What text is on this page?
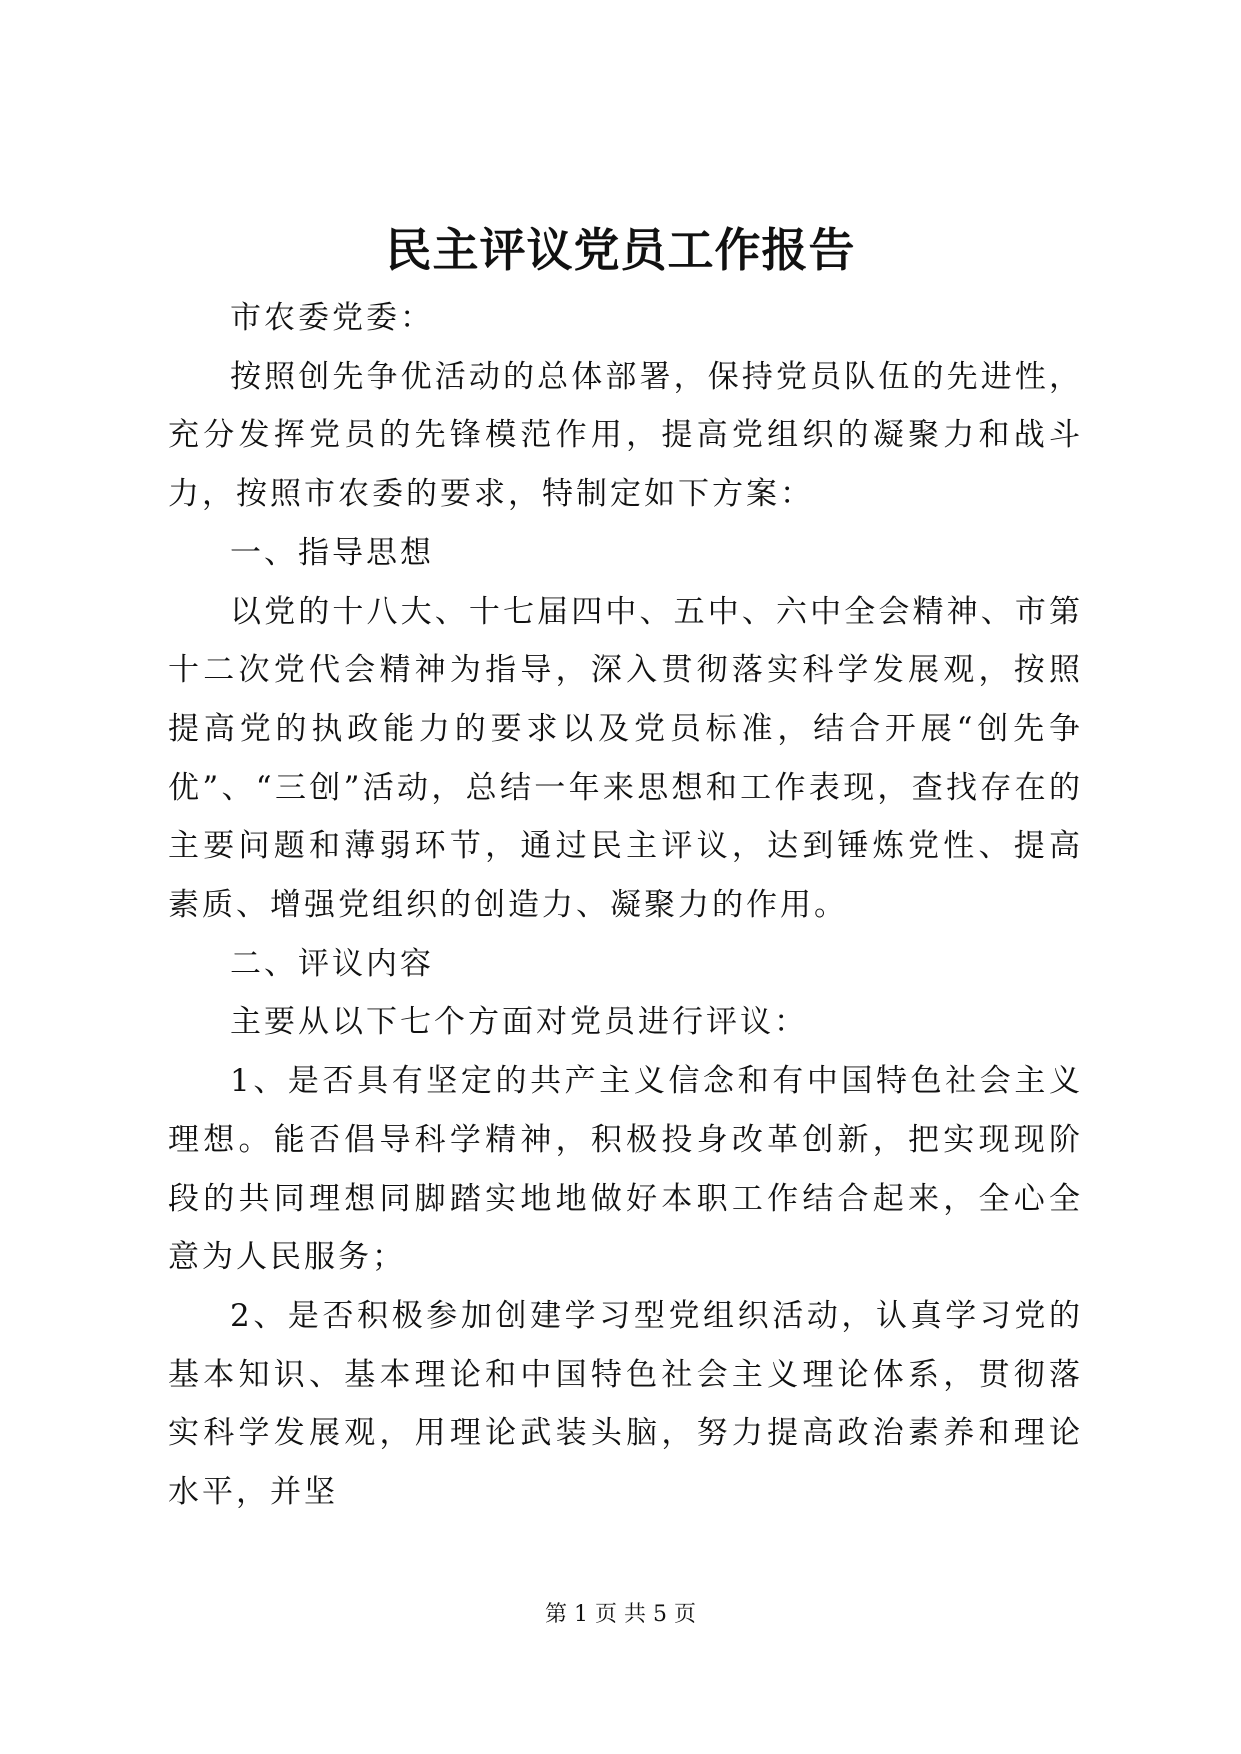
民主评议党员工作报告

市农委党委：

按照创先争优活动的总体部署，保持党员队伍的先进性，充分发挥党员的先锋模范作用，提高党组织的凝聚力和战斗力，按照市农委的要求，特制定如下方案：

一、指导思想

以党的十八大、十七届四中、五中、六中全会精神、市第十二次党代会精神为指导，深入贯彻落实科学发展观，按照提高党的执政能力的要求以及党员标准，结合开展“创先争优”、“三创”活动，总结一年来思想和工作表现，查找存在的主要问题和薄弱环节，通过民主评议，达到锤炼党性、提高素质、增强党组织的创造力、凝聚力的作用。

二、评议内容

主要从以下七个方面对党员进行评议：

1、是否具有坚定的共产主义信念和有中国特色社会主义理想。能否倡导科学精神，积极投身改革创新，把实现现阶段的共同理想同脚踏实地地做好本职工作结合起来，全心全意为人民服务；

2、是否积极参加创建学习型党组织活动，认真学习党的基本知识、基本理论和中国特色社会主义理论体系，贯彻落实科学发展观，用理论武装头脑，努力提高政治素养和理论水平，并坚

第 1 页 共 5 页
